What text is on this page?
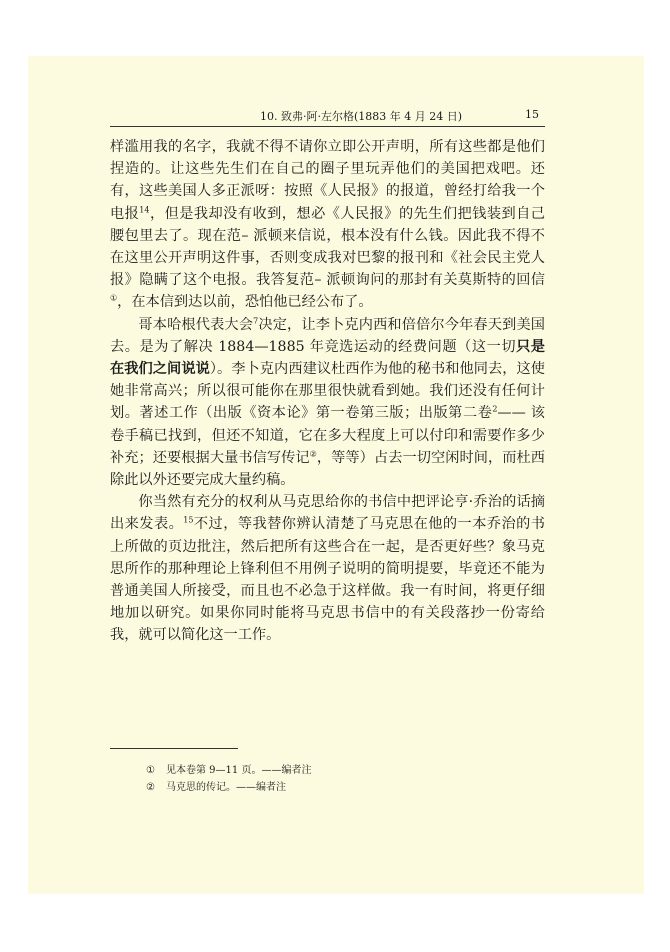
10. 致弗·阿·左尔格(1883 年 4 月 24 日)	15

样滥用我的名字，我就不得不请你立即公开声明，所有这些都是他们捏造的。让这些先生们在自己的圈子里玩弄他们的美国把戏吧。还有，这些美国人多正派呀：按照《人民报》的报道，曾经打给我一个电报$^{14}$，但是我却没有收到，想必《人民报》的先生们把钱装到自己腰包里去了。现在范– 派顿来信说，根本没有什么钱。因此我不得不在这里公开声明这件事，否则变成我对巴黎的报刊和《社会民主党人报》隐瞒了这个电报。我答复范– 派顿询问的那封有关莫斯特的回信①，在本信到达以前，恐怕他已经公布了。

哥本哈根代表大会$^7$决定，让李卜克内西和倍倍尔今年春天到美国去。是为了解决 1884—1885 年竞选运动的经费问题（这一切只是在我们之间说说）。李卜克内西建议杜西作为他的秘书和他同去，这使她非常高兴；所以很可能你在那里很快就看到她。我们还没有任何计划。著述工作（出版《资本论》第一卷第三版；出版第二卷$^2$—— 该卷手稿已找到，但还不知道，它在多大程度上可以付印和需要作多少补充；还要根据大量书信写传记②，等等）占去一切空闲时间，而杜西除此以外还要完成大量约稿。

你当然有充分的权利从马克思给你的书信中把评论亨·乔治的话摘出来发表。$^{15}$不过，等我替你辨认清楚了马克思在他的一本乔治的书上所做的页边批注，然后把所有这些合在一起，是否更好些？象马克思所作的那种理论上锋利但不用例子说明的简明提要，毕竟还不能为普通美国人所接受，而且也不必急于这样做。我一有时间，将更仔细地加以研究。如果你同时能将马克思书信中的有关段落抄一份寄给我，就可以简化这一工作。

① 见本卷第 9—11 页。——编者注
② 马克思的传记。——编者注
